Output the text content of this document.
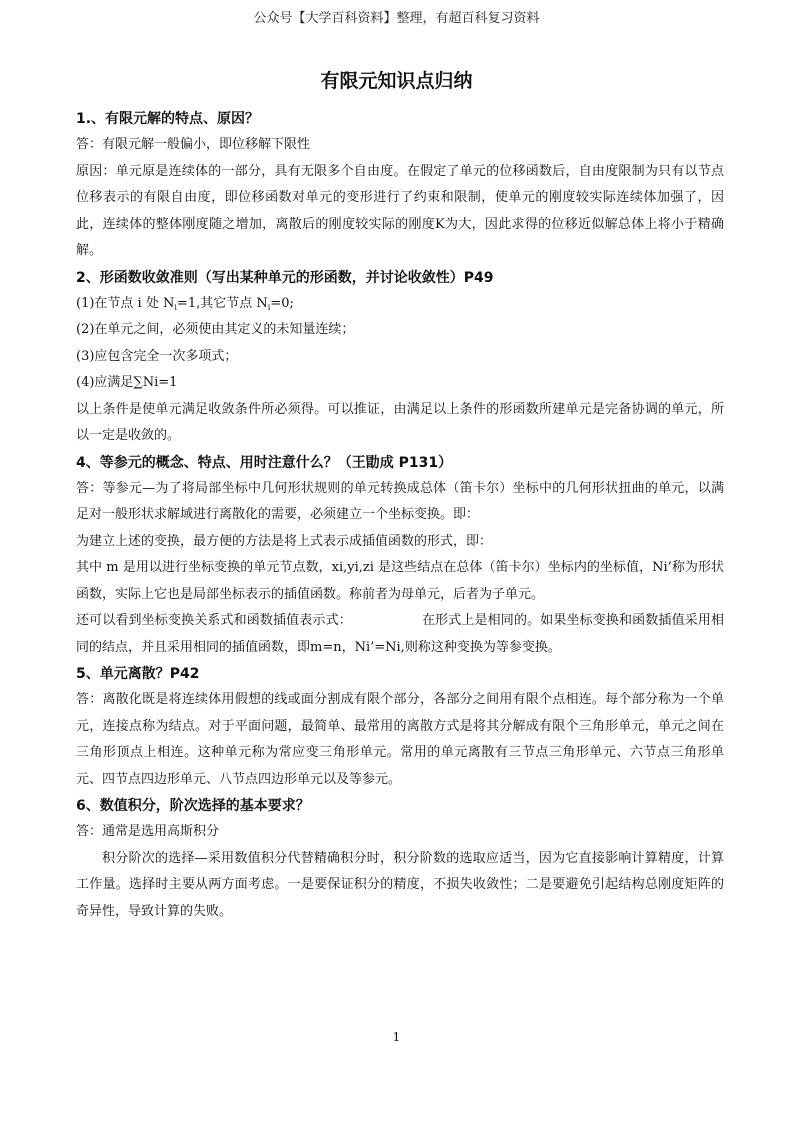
公众号【大学百科资料】整理，有超百科复习资料
有限元知识点归纳

1.、有限元解的特点、原因？

答：有限元解一般偏小，即位移解下限性

原因：单元原是连续体的一部分，具有无限多个自由度。在假定了单元的位移函数后，自由度限制为只有以节点位移表示的有限自由度，即位移函数对单元的变形进行了约束和限制，使单元的刚度较实际连续体加强了，因此，连续体的整体刚度随之增加，离散后的刚度较实际的刚度K为大，因此求得的位移近似解总体上将小于精确解。

2、形函数收敛准则（写出某种单元的形函数，并讨论收敛性）P49

(1)在节点 i 处 $N_i=1$,其它节点 $N_i=0$;

(2)在单元之间，必须使由其定义的未知量连续；

(3)应包含完全一次多项式；

(4)应满足∑Ni=1

以上条件是使单元满足收敛条件所必须得。可以推证，由满足以上条件的形函数所建单元是完备协调的单元，所以一定是收敛的。

4、等参元的概念、特点、用时注意什么？（王勖成 P131）

答：等参元—为了将局部坐标中几何形状规则的单元转换成总体（笛卡尔）坐标中的几何形状扭曲的单元，以满足对一般形状求解域进行离散化的需要，必须建立一个坐标变换。即：

为建立上述的变换，最方便的方法是将上式表示成插值函数的形式，即：

其中 m 是用以进行坐标变换的单元节点数，xi,yi,zi 是这些结点在总体（笛卡尔）坐标内的坐标值，Ni’称为形状函数，实际上它也是局部坐标表示的插值函数。称前者为母单元，后者为子单元。

还可以看到坐标变换关系式和函数插值表示式：	在形式上是相同的。如果坐标变换和函数插值采用相同的结点，并且采用相同的插值函数，即m=n，Ni’=Ni,则称这种变换为等参变换。

5、单元离散？P42

答：离散化既是将连续体用假想的线或面分割成有限个部分，各部分之间用有限个点相连。每个部分称为一个单元，连接点称为结点。对于平面问题，最简单、最常用的离散方式是将其分解成有限个三角形单元，单元之间在三角形顶点上相连。这种单元称为常应变三角形单元。常用的单元离散有三节点三角形单元、六节点三角形单元、四节点四边形单元、八节点四边形单元以及等参元。

6、数值积分，阶次选择的基本要求？

答：通常是选用高斯积分

积分阶次的选择—采用数值积分代替精确积分时，积分阶数的选取应适当，因为它直接影响计算精度，计算工作量。选择时主要从两方面考虑。一是要保证积分的精度，不损失收敛性；二是要避免引起结构总刚度矩阵的奇异性，导致计算的失败。

1
